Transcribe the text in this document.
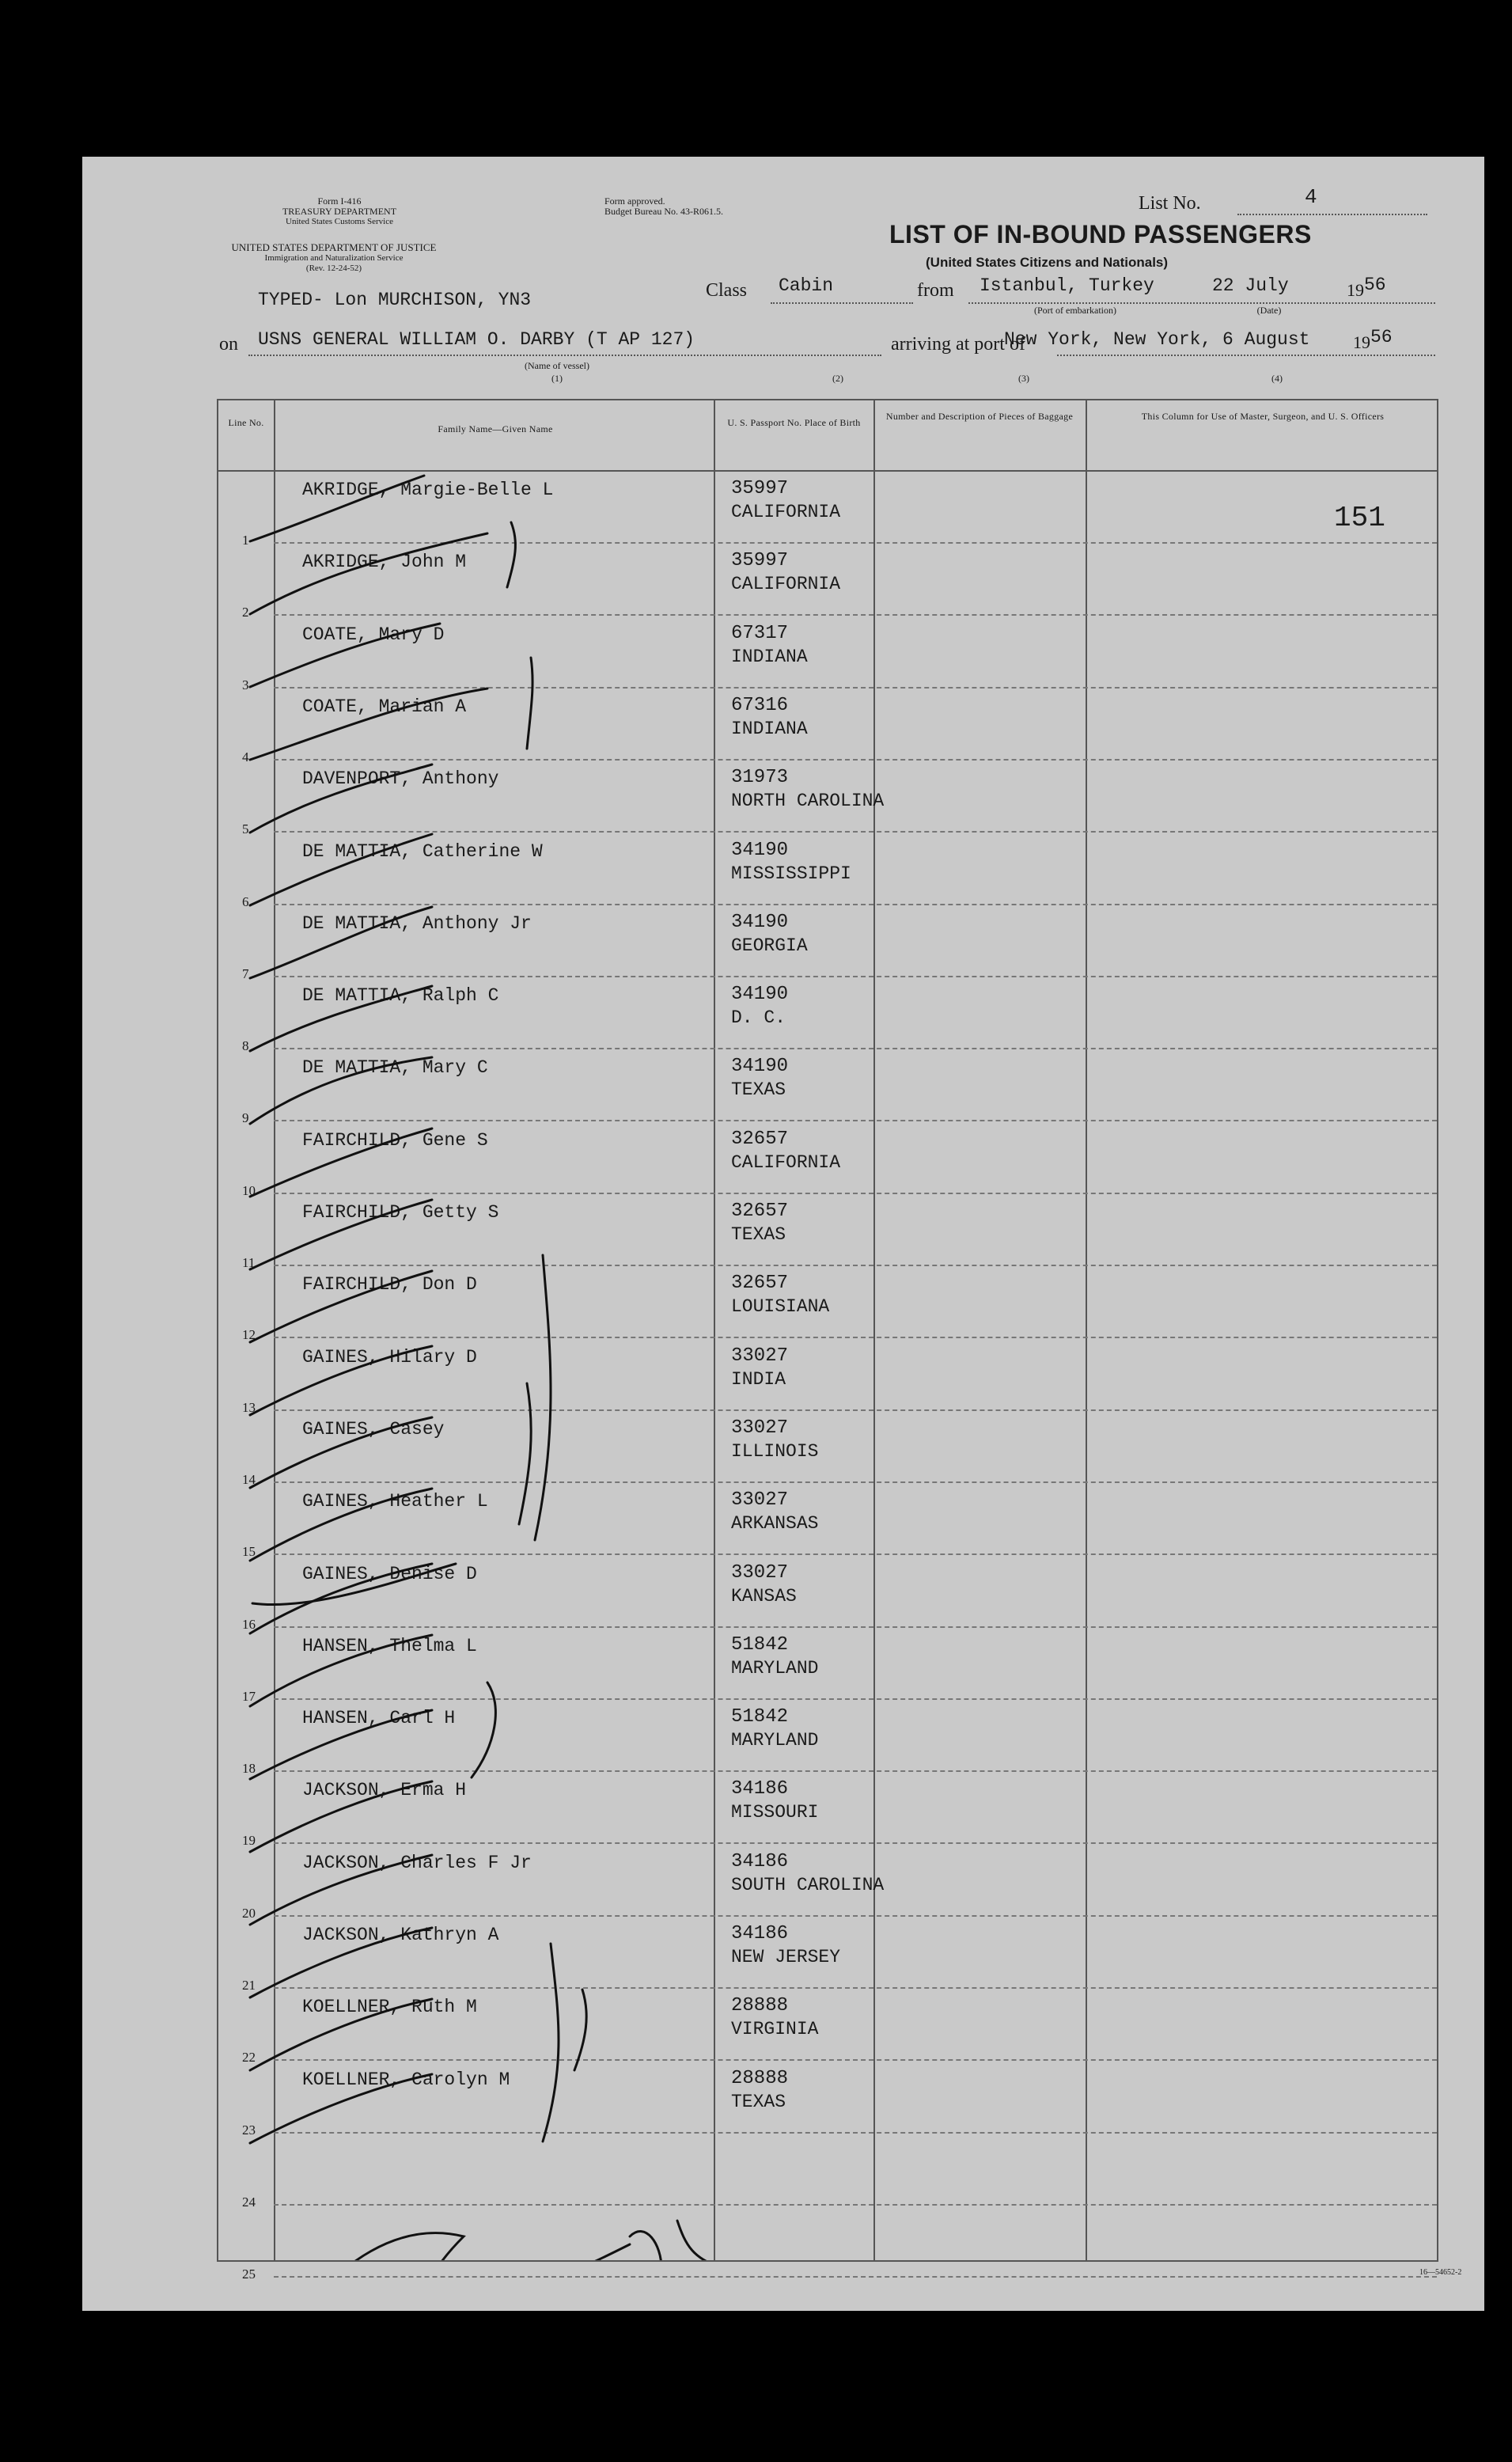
Form I-416
TREASURY DEPARTMENT
United States Customs Service
UNITED STATES DEPARTMENT OF JUSTICE
Immigration and Naturalization Service
(Rev. 12-24-52)
Form approved.
Budget Bureau No. 43-R061.5.	List No.	4
LIST OF IN-BOUND PASSENGERS
(United States Citizens and Nationals)
TYPED- Lon MURCHISON, YN3	Class Cabin	from Istanbul, Turkey	22 July	1956
(Port of embarkation)	(Date)
on USNS GENERAL WILLIAM O. DARBY (T AP 127)
(Name of vessel)
arriving at port of
New York, New York, 6 August 1956
(1)	(2)	(3)	(4)
Line No.
Family Name—Given Name
U. S. Passport No. Place of Birth
Number and Description of Pieces of Baggage	This Column for Use of Master, Surgeon, and U. S. Officers
1
AKRIDGE, Margie-Belle L	35997
CALIFORNIA
2
AKRIDGE, John M	35997
CALIFORNIA
3
COATE, Mary D	67317
INDIANA
4
COATE, Marian A	67316
INDIANA
5
DAVENPORT, Anthony	31973
NORTH CAROLINA
6
DE MATTIA, Catherine W	34190
MISSISSIPPI
7
DE MATTIA, Anthony Jr	34190
GEORGIA
8
DE MATTIA, Ralph C	34190
D. C.
9
DE MATTIA, Mary C	34190
TEXAS
10
FAIRCHILD, Gene S	32657
CALIFORNIA
11
FAIRCHILD, Getty S	32657
TEXAS
12
FAIRCHILD, Don D	32657
LOUISIANA
13
GAINES, Hilary D	33027
INDIA
14
GAINES, Casey	33027
ILLINOIS
15
GAINES, Heather L	33027
ARKANSAS
16
GAINES, Denise D	33027
KANSAS
17
HANSEN, Thelma L	51842
MARYLAND
18
HANSEN, Carl H	51842
MARYLAND
19
JACKSON, Erma H	34186
MISSOURI
20
JACKSON, Charles F Jr	34186
SOUTH CAROLINA
21
JACKSON, Kathryn A	34186
NEW JERSEY
22
KOELLNER, Ruth M	28888
VIRGINIA
23
KOELLNER, Carolyn M	28888
TEXAS
24
25
151
16—54652-2
